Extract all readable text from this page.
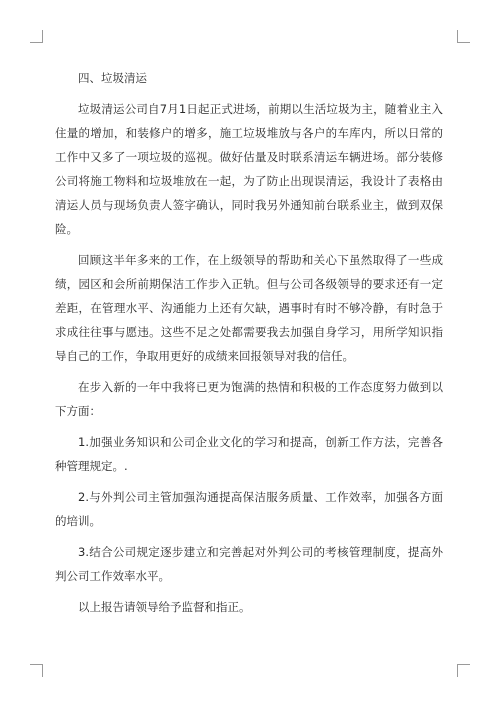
四、垃圾清运

垃圾清运公司自7月1日起正式进场，前期以生活垃圾为主，随着业主入住量的增加，和装修户的增多，施工垃圾堆放与各户的车库内，所以日常的工作中又多了一项垃圾的巡视。做好估量及时联系清运车辆进场。部分装修公司将施工物料和垃圾堆放在一起，为了防止出现误清运，我设计了表格由清运人员与现场负责人签字确认，同时我另外通知前台联系业主，做到双保险。

回顾这半年多来的工作，在上级领导的帮助和关心下虽然取得了一些成绩，园区和会所前期保洁工作步入正轨。但与公司各级领导的要求还有一定差距，在管理水平、沟通能力上还有欠缺，遇事时有时不够冷静，有时急于求成往往事与愿违。这些不足之处都需要我去加强自身学习，用所学知识指导自己的工作，争取用更好的成绩来回报领导对我的信任。

在步入新的一年中我将已更为饱满的热情和积极的工作态度努力做到以下方面：

1.加强业务知识和公司企业文化的学习和提高，创新工作方法，完善各种管理规定。.

2.与外判公司主管加强沟通提高保洁服务质量、工作效率，加强各方面的培训。

3.结合公司规定逐步建立和完善起对外判公司的考核管理制度，提高外判公司工作效率水平。

以上报告请领导给予监督和指正。
